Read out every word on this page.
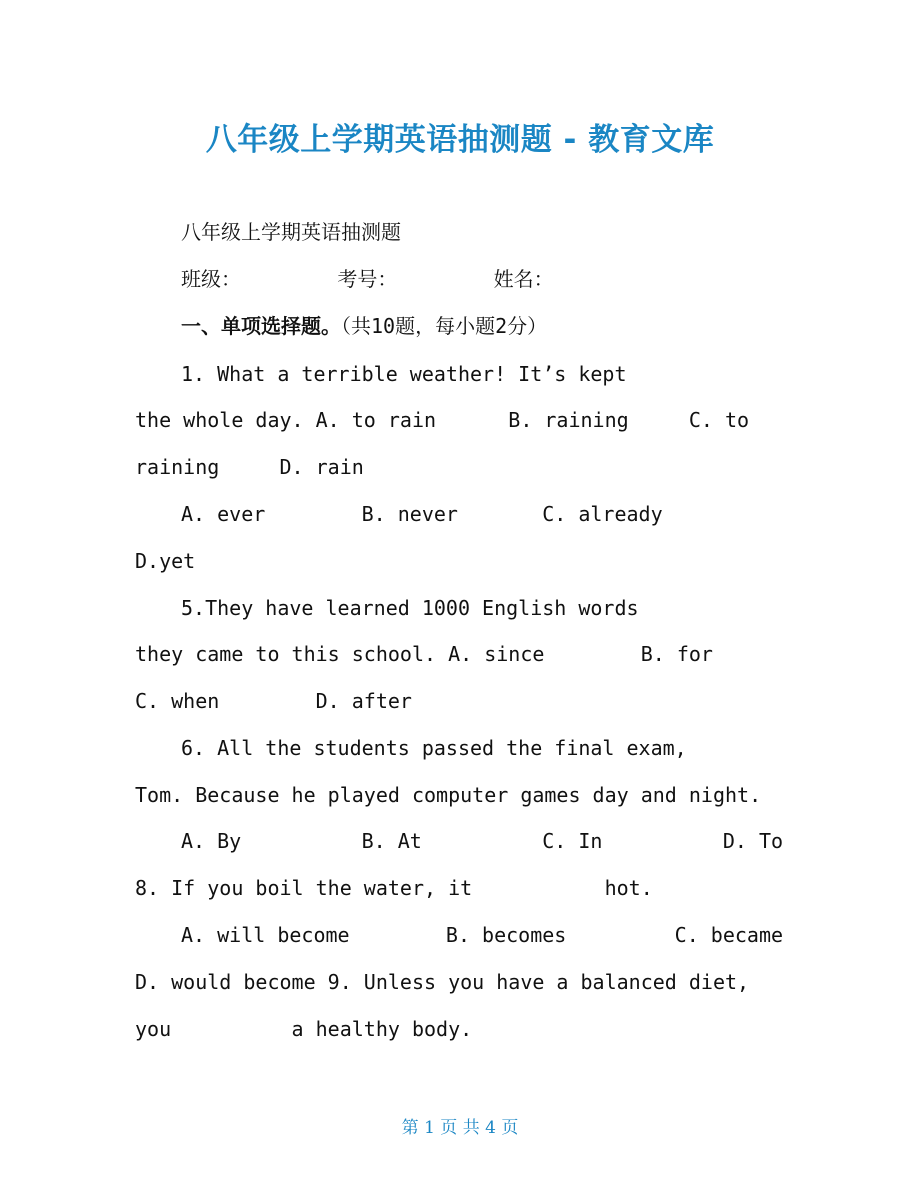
八年级上学期英语抽测题 - 教育文库
八年级上学期英语抽测题
班级：        考号：        姓名：
一、单项选择题。（共10题，每小题2分）
1. What a terrible weather! It’s kept
the whole day. A. to rain      B. raining     C. to
raining     D. rain
A. ever        B. never       C. already
D.yet
5.They have learned 1000 English words
they came to this school. A. since        B. for
C. when        D. after
6. All the students passed the final exam,
Tom. Because he played computer games day and night.
A. By          B. At          C. In          D. To
8. If you boil the water, it           hot.
A. will become        B. becomes         C. became
D. would become 9. Unless you have a balanced diet,
you          a healthy body.
第 1 页 共 4 页
